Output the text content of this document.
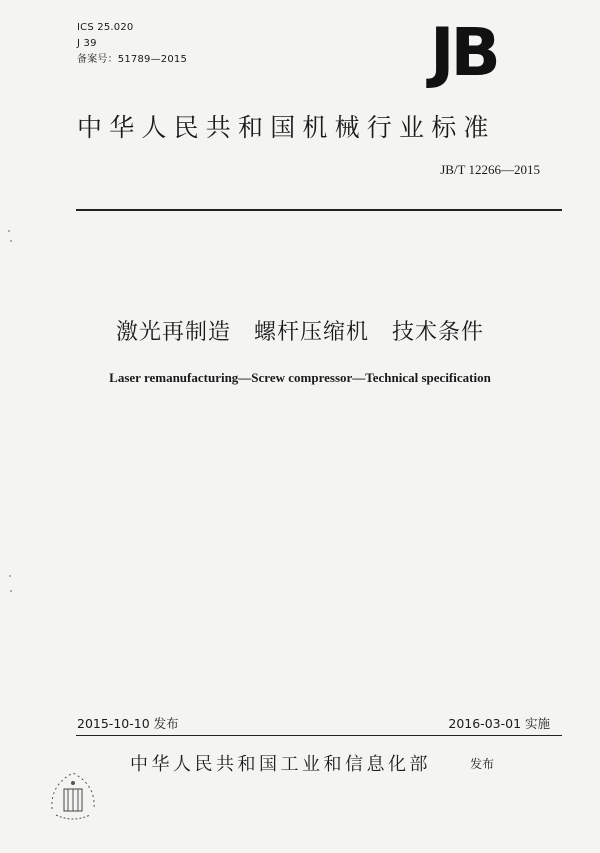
ICS 25.020
J 39
备案号：51789—2015	JB
中华人民共和国机械行业标准
JB/T 12266—2015
激光再制造　螺杆压缩机　技术条件
Laser remanufacturing—Screw compressor—Technical specification
2015-10-10 发布	2016-03-01 实施
中华人民共和国工业和信息化部	发布
